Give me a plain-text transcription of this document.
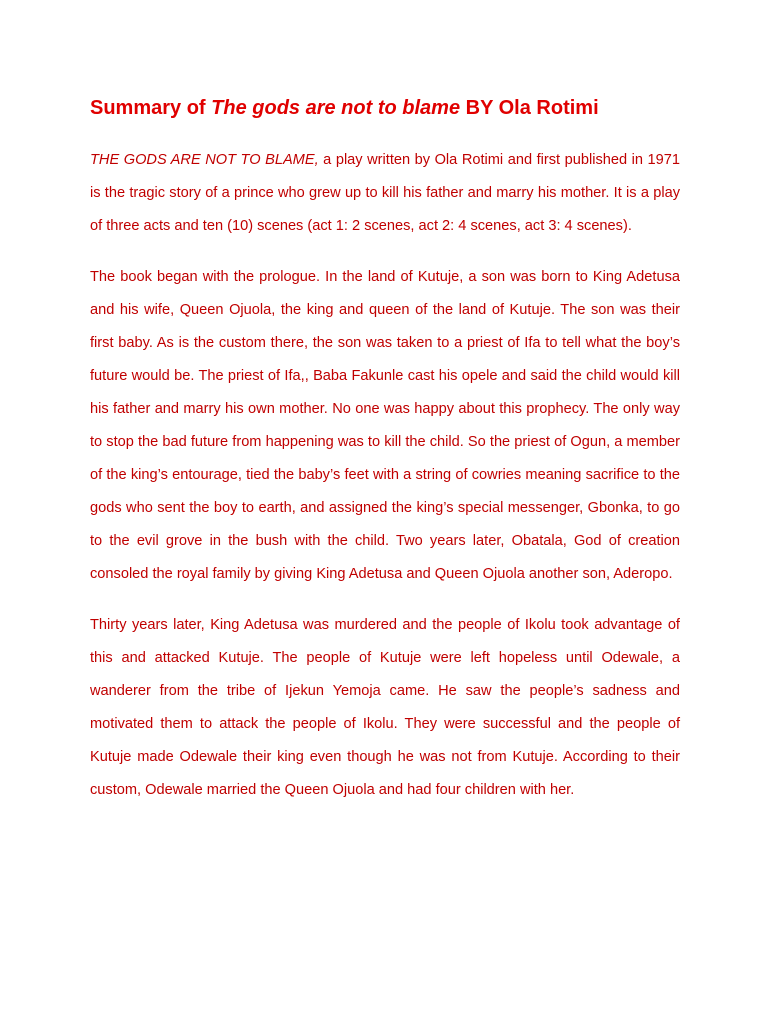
Summary of The gods are not to blame BY Ola Rotimi

THE GODS ARE NOT TO BLAME, a play written by Ola Rotimi and first published in 1971 is the tragic story of a prince who grew up to kill his father and marry his mother. It is a play of three acts and ten (10) scenes (act 1: 2 scenes, act 2: 4 scenes, act 3: 4 scenes).

The book began with the prologue. In the land of Kutuje, a son was born to King Adetusa and his wife, Queen Ojuola, the king and queen of the land of Kutuje. The son was their first baby. As is the custom there, the son was taken to a priest of Ifa to tell what the boy’s future would be. The priest of Ifa,, Baba Fakunle cast his opele and said the child would kill his father and marry his own mother. No one was happy about this prophecy. The only way to stop the bad future from happening was to kill the child. So the priest of Ogun, a member of the king’s entourage, tied the baby’s feet with a string of cowries meaning sacrifice to the gods who sent the boy to earth, and assigned the king’s special messenger, Gbonka, to go to the evil grove in the bush with the child. Two years later, Obatala, God of creation consoled the royal family by giving King Adetusa and Queen Ojuola another son, Aderopo.

Thirty years later, King Adetusa was murdered and the people of Ikolu took advantage of this and attacked Kutuje. The people of Kutuje were left hopeless until Odewale, a wanderer from the tribe of Ijekun Yemoja came. He saw the people’s sadness and motivated them to attack the people of Ikolu. They were successful and the people of Kutuje made Odewale their king even though he was not from Kutuje. According to their custom, Odewale married the Queen Ojuola and had four children with her.
